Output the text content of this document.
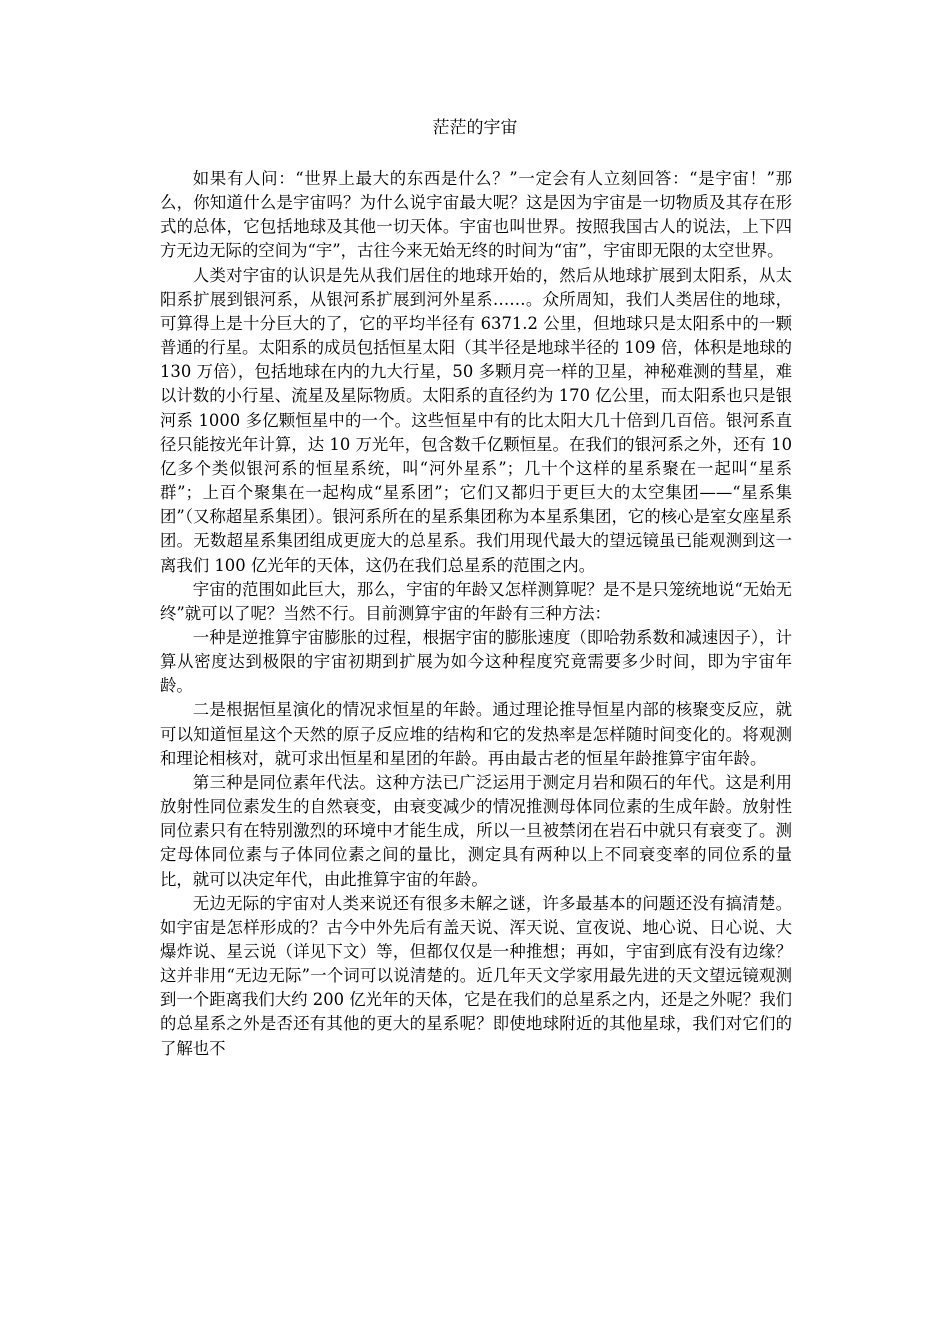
茫茫的宇宙

如果有人问：“世界上最大的东西是什么？”一定会有人立刻回答：“是宇宙！”那么，你知道什么是宇宙吗？为什么说宇宙最大呢？这是因为宇宙是一切物质及其存在形式的总体，它包括地球及其他一切天体。宇宙也叫世界。按照我国古人的说法，上下四方无边无际的空间为“宇”，古往今来无始无终的时间为“宙”，宇宙即无限的太空世界。

人类对宇宙的认识是先从我们居住的地球开始的，然后从地球扩展到太阳系，从太阳系扩展到银河系，从银河系扩展到河外星系……。众所周知，我们人类居住的地球，可算得上是十分巨大的了，它的平均半径有 6371.2 公里，但地球只是太阳系中的一颗普通的行星。太阳系的成员包括恒星太阳（其半径是地球半径的 109 倍，体积是地球的 130 万倍），包括地球在内的九大行星，50 多颗月亮一样的卫星，神秘难测的彗星，难以计数的小行星、流星及星际物质。太阳系的直径约为 170 亿公里，而太阳系也只是银河系 1000 多亿颗恒星中的一个。这些恒星中有的比太阳大几十倍到几百倍。银河系直径只能按光年计算，达 10 万光年，包含数千亿颗恒星。在我们的银河系之外，还有 10 亿多个类似银河系的恒星系统，叫“河外星系”；几十个这样的星系聚在一起叫“星系群”；上百个聚集在一起构成“星系团”；它们又都归于更巨大的太空集团——“星系集团”（又称超星系集团）。银河系所在的星系集团称为本星系集团，它的核心是室女座星系团。无数超星系集团组成更庞大的总星系。我们用现代最大的望远镜虽已能观测到这一离我们 100 亿光年的天体，这仍在我们总星系的范围之内。

宇宙的范围如此巨大，那么，宇宙的年龄又怎样测算呢？是不是只笼统地说“无始无终”就可以了呢？当然不行。目前测算宇宙的年龄有三种方法：

一种是逆推算宇宙膨胀的过程，根据宇宙的膨胀速度（即哈勃系数和减速因子），计算从密度达到极限的宇宙初期到扩展为如今这种程度究竟需要多少时间，即为宇宙年龄。

二是根据恒星演化的情况求恒星的年龄。通过理论推导恒星内部的核聚变反应，就可以知道恒星这个天然的原子反应堆的结构和它的发热率是怎样随时间变化的。将观测和理论相核对，就可求出恒星和星团的年龄。再由最古老的恒星年龄推算宇宙年龄。

第三种是同位素年代法。这种方法已广泛运用于测定月岩和陨石的年代。这是利用放射性同位素发生的自然衰变，由衰变减少的情况推测母体同位素的生成年龄。放射性同位素只有在特别激烈的环境中才能生成，所以一旦被禁闭在岩石中就只有衰变了。测定母体同位素与子体同位素之间的量比，测定具有两种以上不同衰变率的同位系的量比，就可以决定年代，由此推算宇宙的年龄。

无边无际的宇宙对人类来说还有很多未解之谜，许多最基本的问题还没有搞清楚。如宇宙是怎样形成的？古今中外先后有盖天说、浑天说、宣夜说、地心说、日心说、大爆炸说、星云说（详见下文）等，但都仅仅是一种推想；再如，宇宙到底有没有边缘？这并非用“无边无际”一个词可以说清楚的。近几年天文学家用最先进的天文望远镜观测到一个距离我们大约 200 亿光年的天体，它是在我们的总星系之内，还是之外呢？我们的总星系之外是否还有其他的更大的星系呢？即使地球附近的其他星球，我们对它们的了解也不
